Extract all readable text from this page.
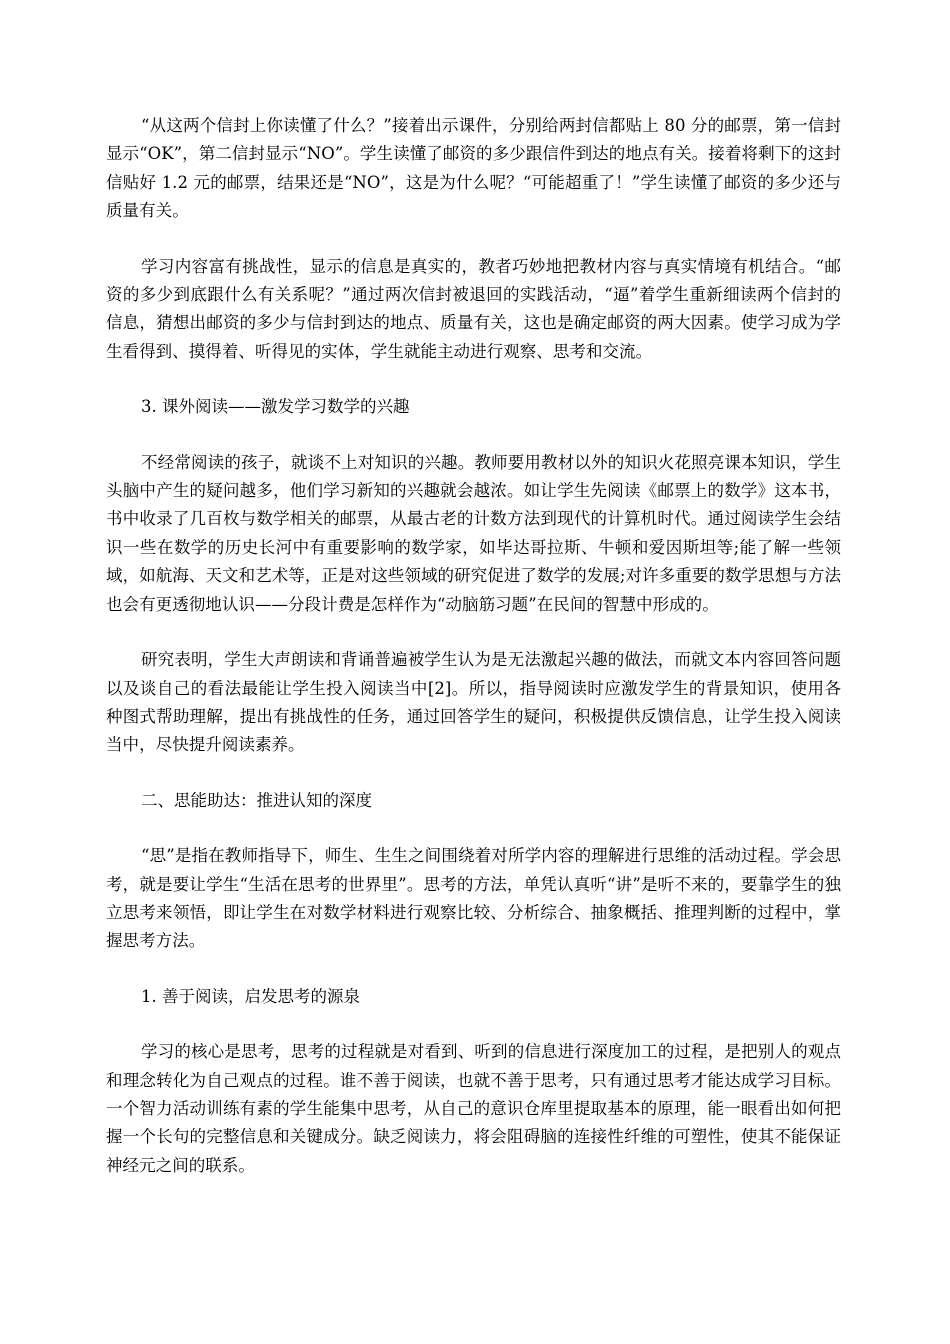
“从这两个信封上你读懂了什么？”接着出示课件，分别给两封信都贴上 80 分的邮票，第一信封显示“OK”，第二信封显示“NO”。学生读懂了邮资的多少跟信件到达的地点有关。接着将剩下的这封信贴好 1.2 元的邮票，结果还是“NO”，这是为什么呢？“可能超重了！”学生读懂了邮资的多少还与质量有关。

学习内容富有挑战性，显示的信息是真实的，教者巧妙地把教材内容与真实情境有机结合。“邮资的多少到底跟什么有关系呢？”通过两次信封被退回的实践活动，“逼”着学生重新细读两个信封的信息，猜想出邮资的多少与信封到达的地点、质量有关，这也是确定邮资的两大因素。使学习成为学生看得到、摸得着、听得见的实体，学生就能主动进行观察、思考和交流。

3. 课外阅读——激发学习数学的兴趣

不经常阅读的孩子，就谈不上对知识的兴趣。教师要用教材以外的知识火花照亮课本知识，学生头脑中产生的疑问越多，他们学习新知的兴趣就会越浓。如让学生先阅读《邮票上的数学》这本书，书中收录了几百枚与数学相关的邮票，从最古老的计数方法到现代的计算机时代。通过阅读学生会结识一些在数学的历史长河中有重要影响的数学家，如毕达哥拉斯、牛顿和爱因斯坦等;能了解一些领域，如航海、天文和艺术等，正是对这些领域的研究促进了数学的发展;对许多重要的数学思想与方法也会有更透彻地认识——分段计费是怎样作为“动脑筋习题”在民间的智慧中形成的。

研究表明，学生大声朗读和背诵普遍被学生认为是无法激起兴趣的做法，而就文本内容回答问题以及谈自己的看法最能让学生投入阅读当中[2]。所以，指导阅读时应激发学生的背景知识，使用各种图式帮助理解，提出有挑战性的任务，通过回答学生的疑问，积极提供反馈信息，让学生投入阅读当中，尽快提升阅读素养。

二、思能助达：推进认知的深度

“思”是指在教师指导下，师生、生生之间围绕着对所学内容的理解进行思维的活动过程。学会思考，就是要让学生“生活在思考的世界里”。思考的方法，单凭认真听“讲”是听不来的，要靠学生的独立思考来领悟，即让学生在对数学材料进行观察比较、分析综合、抽象概括、推理判断的过程中，掌握思考方法。

1. 善于阅读，启发思考的源泉

学习的核心是思考，思考的过程就是对看到、听到的信息进行深度加工的过程，是把别人的观点和理念转化为自己观点的过程。谁不善于阅读，也就不善于思考，只有通过思考才能达成学习目标。一个智力活动训练有素的学生能集中思考，从自己的意识仓库里提取基本的原理，能一眼看出如何把握一个长句的完整信息和关键成分。缺乏阅读力，将会阻碍脑的连接性纤维的可塑性，使其不能保证神经元之间的联系。
